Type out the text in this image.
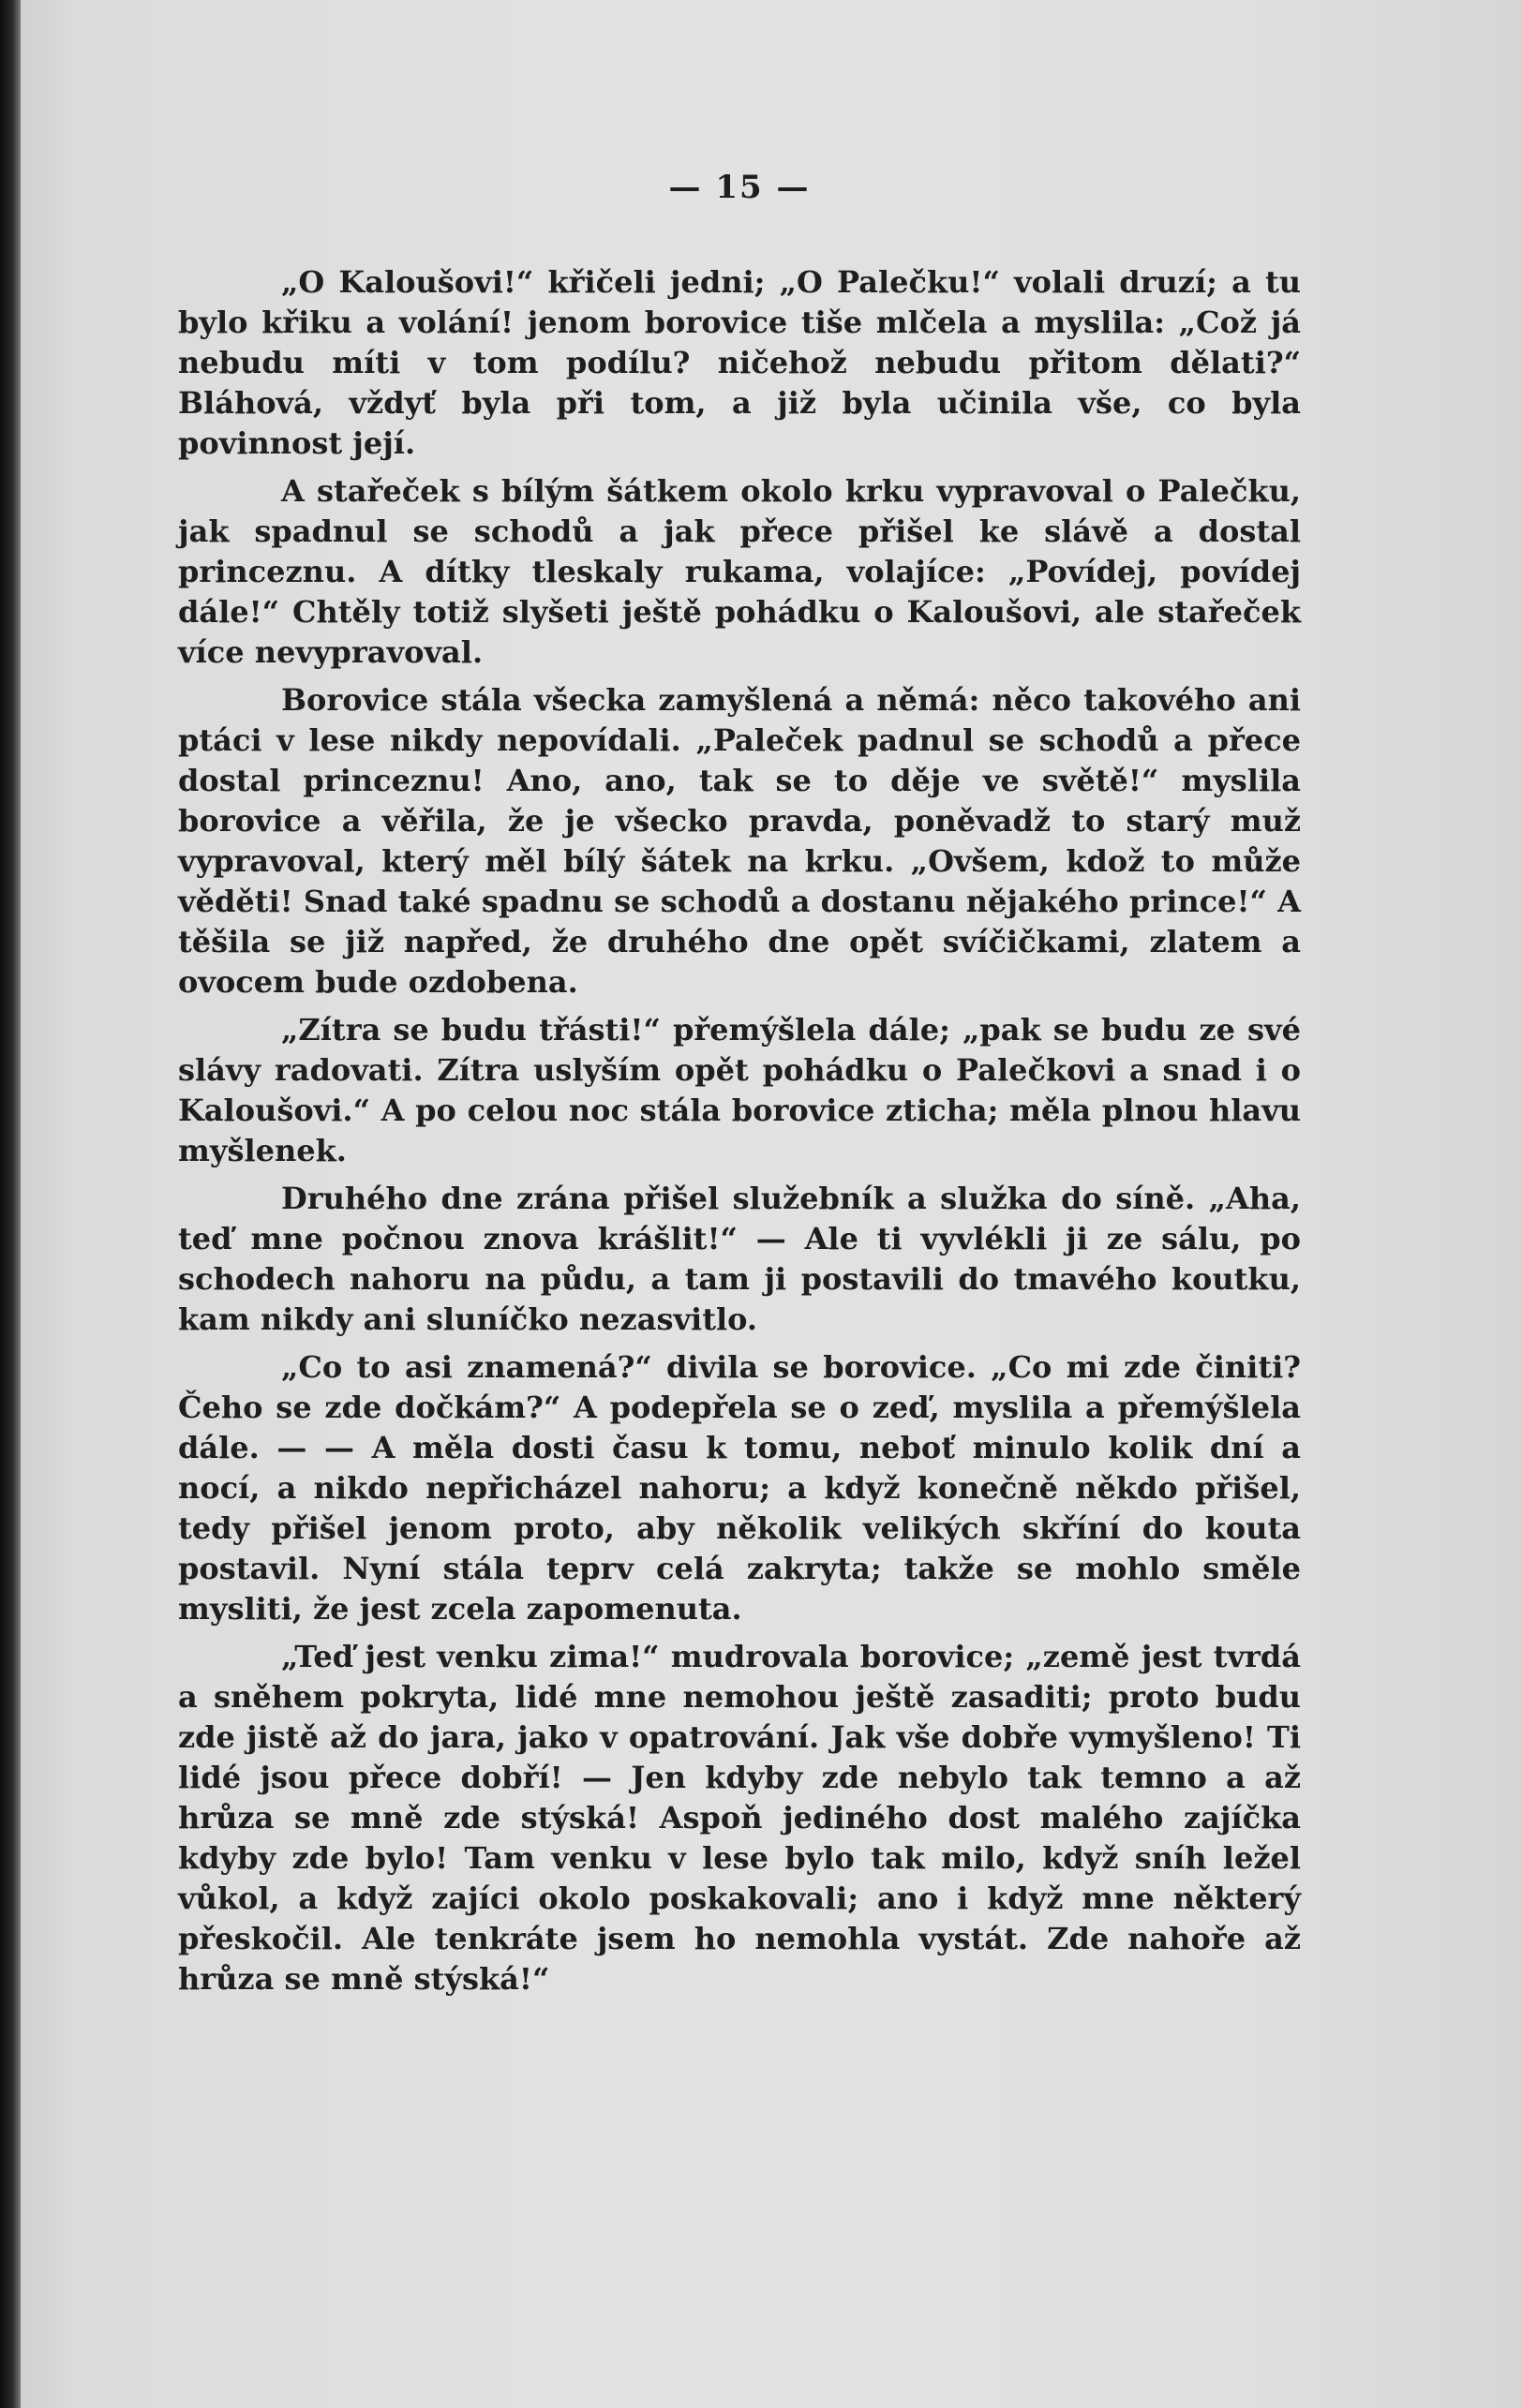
— 15 —

„O Kaloušovi!“ křičeli jedni; „O Palečku!“ volali druzí; a tu bylo křiku a volání! jenom borovice tiše mlčela a myslila: „Což já nebudu míti v tom podílu? ničehož nebudu přitom dělati?“ Bláhová, vždyť byla při tom, a již byla učinila vše, co byla povinnost její.

A stařeček s bílým šátkem okolo krku vypravoval o Palečku, jak spadnul se schodů a jak přece přišel ke slávě a dostal princeznu. A dítky tleskaly rukama, volajíce: „Povídej, povídej dále!“ Chtěly totiž slyšeti ještě pohádku o Kaloušovi, ale stařeček více nevypravoval.

Borovice stála všecka zamyšlená a němá: něco takového ani ptáci v lese nikdy nepovídali. „Paleček padnul se schodů a přece dostal princeznu! Ano, ano, tak se to děje ve světě!“ myslila borovice a věřila, že je všecko pravda, poněvadž to starý muž vypravoval, který měl bílý šátek na krku. „Ovšem, kdož to může věděti! Snad také spadnu se schodů a dostanu nějakého prince!“ A těšila se již napřed, že druhého dne opět svíčičkami, zlatem a ovocem bude ozdobena.

„Zítra se budu třásti!“ přemýšlela dále; „pak se budu ze své slávy radovati. Zítra uslyším opět pohádku o Palečkovi a snad i o Kaloušovi.“ A po celou noc stála borovice zticha; měla plnou hlavu myšlenek.

Druhého dne zrána přišel služebník a služka do síně. „Aha, teď mne počnou znova krášlit!“ — Ale ti vyvlékli ji ze sálu, po schodech nahoru na půdu, a tam ji postavili do tmavého koutku, kam nikdy ani sluníčko nezasvitlo.

„Co to asi znamená?“ divila se borovice. „Co mi zde činiti? Čeho se zde dočkám?“ A podepřela se o zeď, myslila a přemýšlela dále. — — A měla dosti času k tomu, neboť minulo kolik dní a nocí, a nikdo nepřicházel nahoru; a když konečně někdo přišel, tedy přišel jenom proto, aby několik velikých skříní do kouta postavil. Nyní stála teprv celá zakryta; takže se mohlo směle mysliti, že jest zcela zapomenuta.

„Teď jest venku zima!“ mudrovala borovice; „země jest tvrdá a sněhem pokryta, lidé mne nemohou ještě zasaditi; proto budu zde jistě až do jara, jako v opatrování. Jak vše dobře vymyšleno! Ti lidé jsou přece dobří! — Jen kdyby zde nebylo tak temno a až hrůza se mně zde stýská! Aspoň jediného dost malého zajíčka kdyby zde bylo! Tam venku v lese bylo tak milo, když sníh ležel vůkol, a když zajíci okolo poskakovali; ano i když mne některý přeskočil. Ale tenkráte jsem ho nemohla vystát. Zde nahoře až hrůza se mně stýská!“
